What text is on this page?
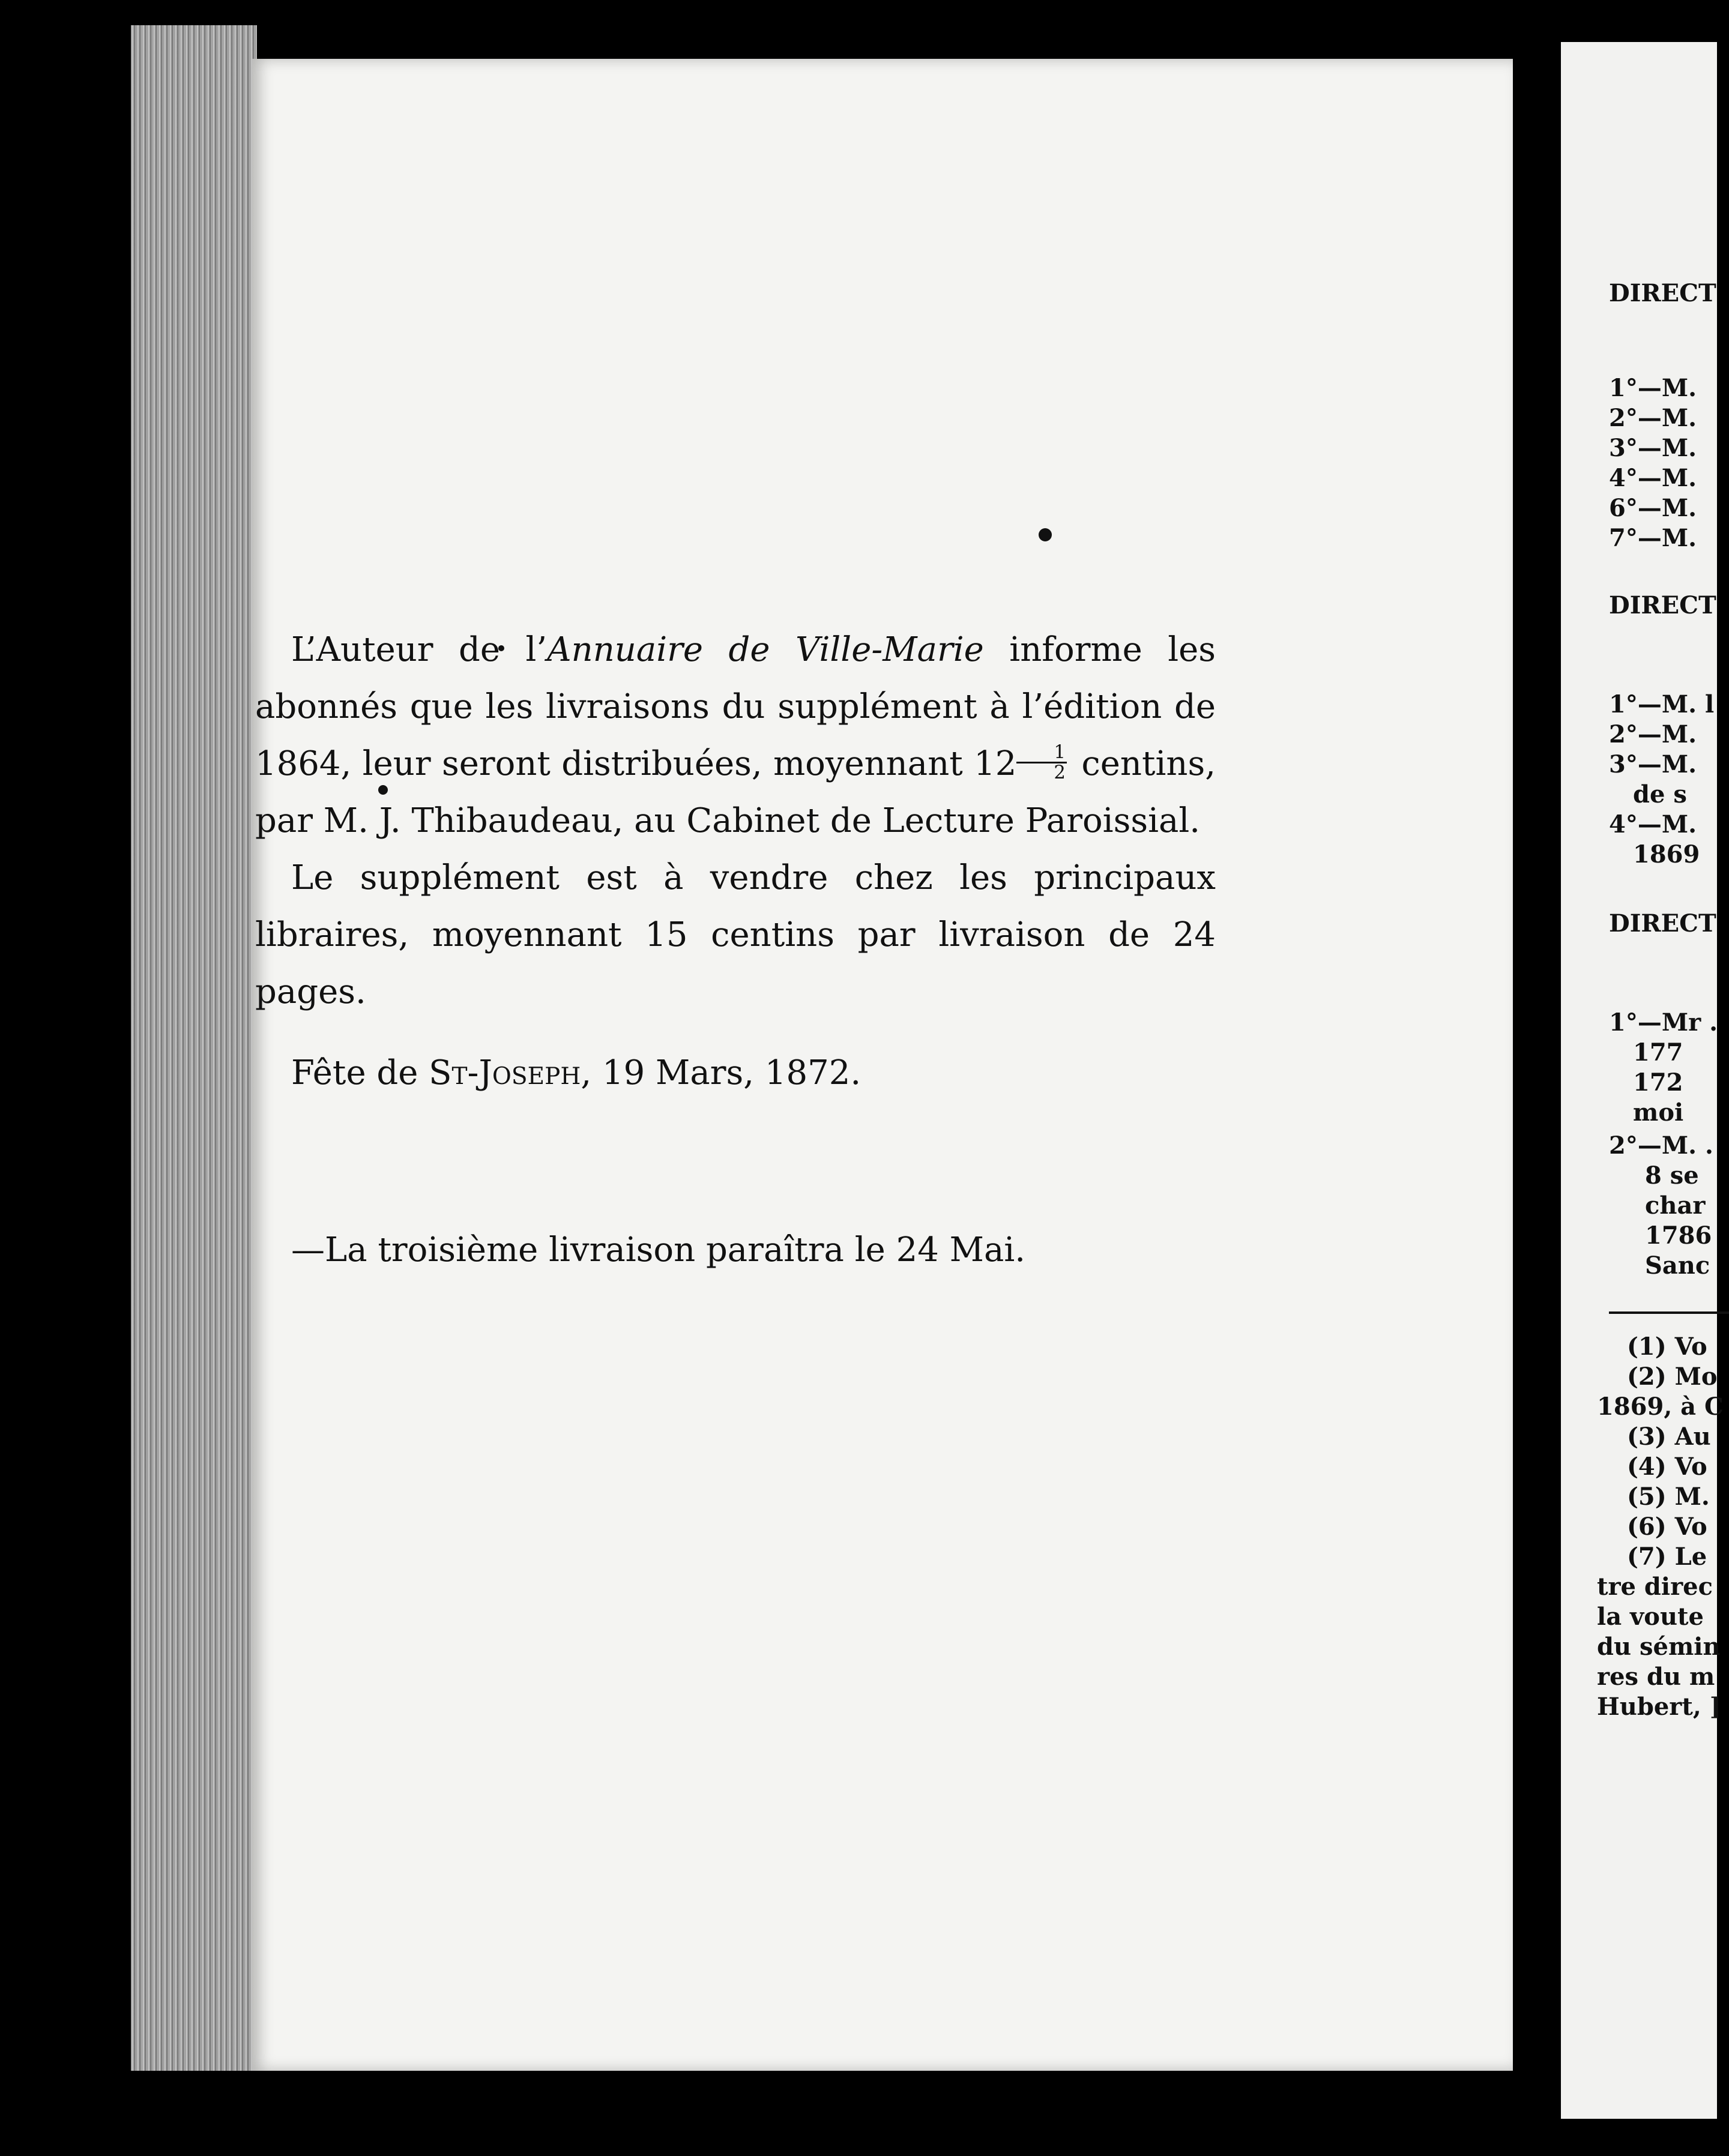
L’Auteur de l’Annuaire de Ville-Marie informe les abonnés que les livraisons du supplément à l’édition de 1864, leur seront distribuées, moyennant $12 \frac{1}{2}$ centins, par M. J. Thibaudeau, au Cabinet de Lecture Paroissial.

Le supplément est à vendre chez les principaux libraires, moyennant 15 centins par livraison de 24 pages.

Fête de St-Joseph, 19 Mars, 1872.

—La troisième livraison paraîtra le 24 Mai.

DIRECT
1°—M.
2°—M.
3°—M.
4°—M.
6°—M.
7°—M.
DIRECT
1°—M. l
2°—M.
3°—M.
de s
4°—M.
1869
DIRECT
1°—Mr .
177
172
moi
2°—M. .
8 se
char
1786
Sanc
(1) Vo
(2) Mo
1869, à C
(3) Au
(4) Vo
(5) M.
(6) Vo
(7) Le
tre direc
la voute
du sémin
res du m
Hubert, ]
